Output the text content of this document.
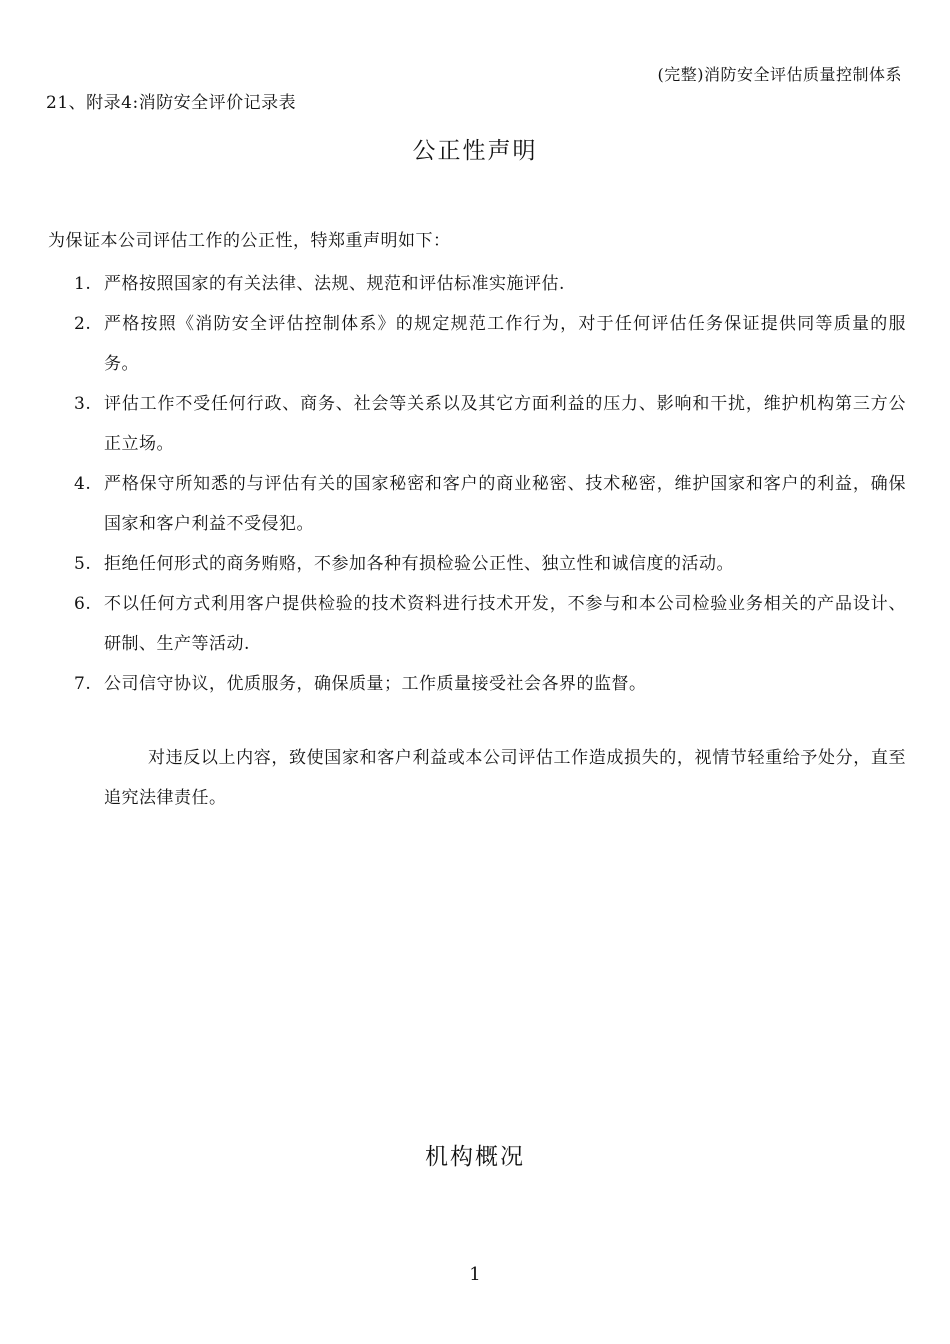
(完整)消防安全评估质量控制体系
21、附录4:消防安全评价记录表
公正性声明
为保证本公司评估工作的公正性，特郑重声明如下：
1. 严格按照国家的有关法律、法规、规范和评估标准实施评估.
2. 严格按照《消防安全评估控制体系》的规定规范工作行为，对于任何评估任务保证提供同等质量的服务。
3. 评估工作不受任何行政、商务、社会等关系以及其它方面利益的压力、影响和干扰，维护机构第三方公正立场。
4. 严格保守所知悉的与评估有关的国家秘密和客户的商业秘密、技术秘密，维护国家和客户的利益，确保国家和客户利益不受侵犯。
5. 拒绝任何形式的商务贿赂，不参加各种有损检验公正性、独立性和诚信度的活动。
6. 不以任何方式利用客户提供检验的技术资料进行技术开发，不参与和本公司检验业务相关的产品设计、研制、生产等活动.
7. 公司信守协议，优质服务，确保质量；工作质量接受社会各界的监督。

对违反以上内容，致使国家和客户利益或本公司评估工作造成损失的，视情节轻重给予处分，直至追究法律责任。

机构概况
1
